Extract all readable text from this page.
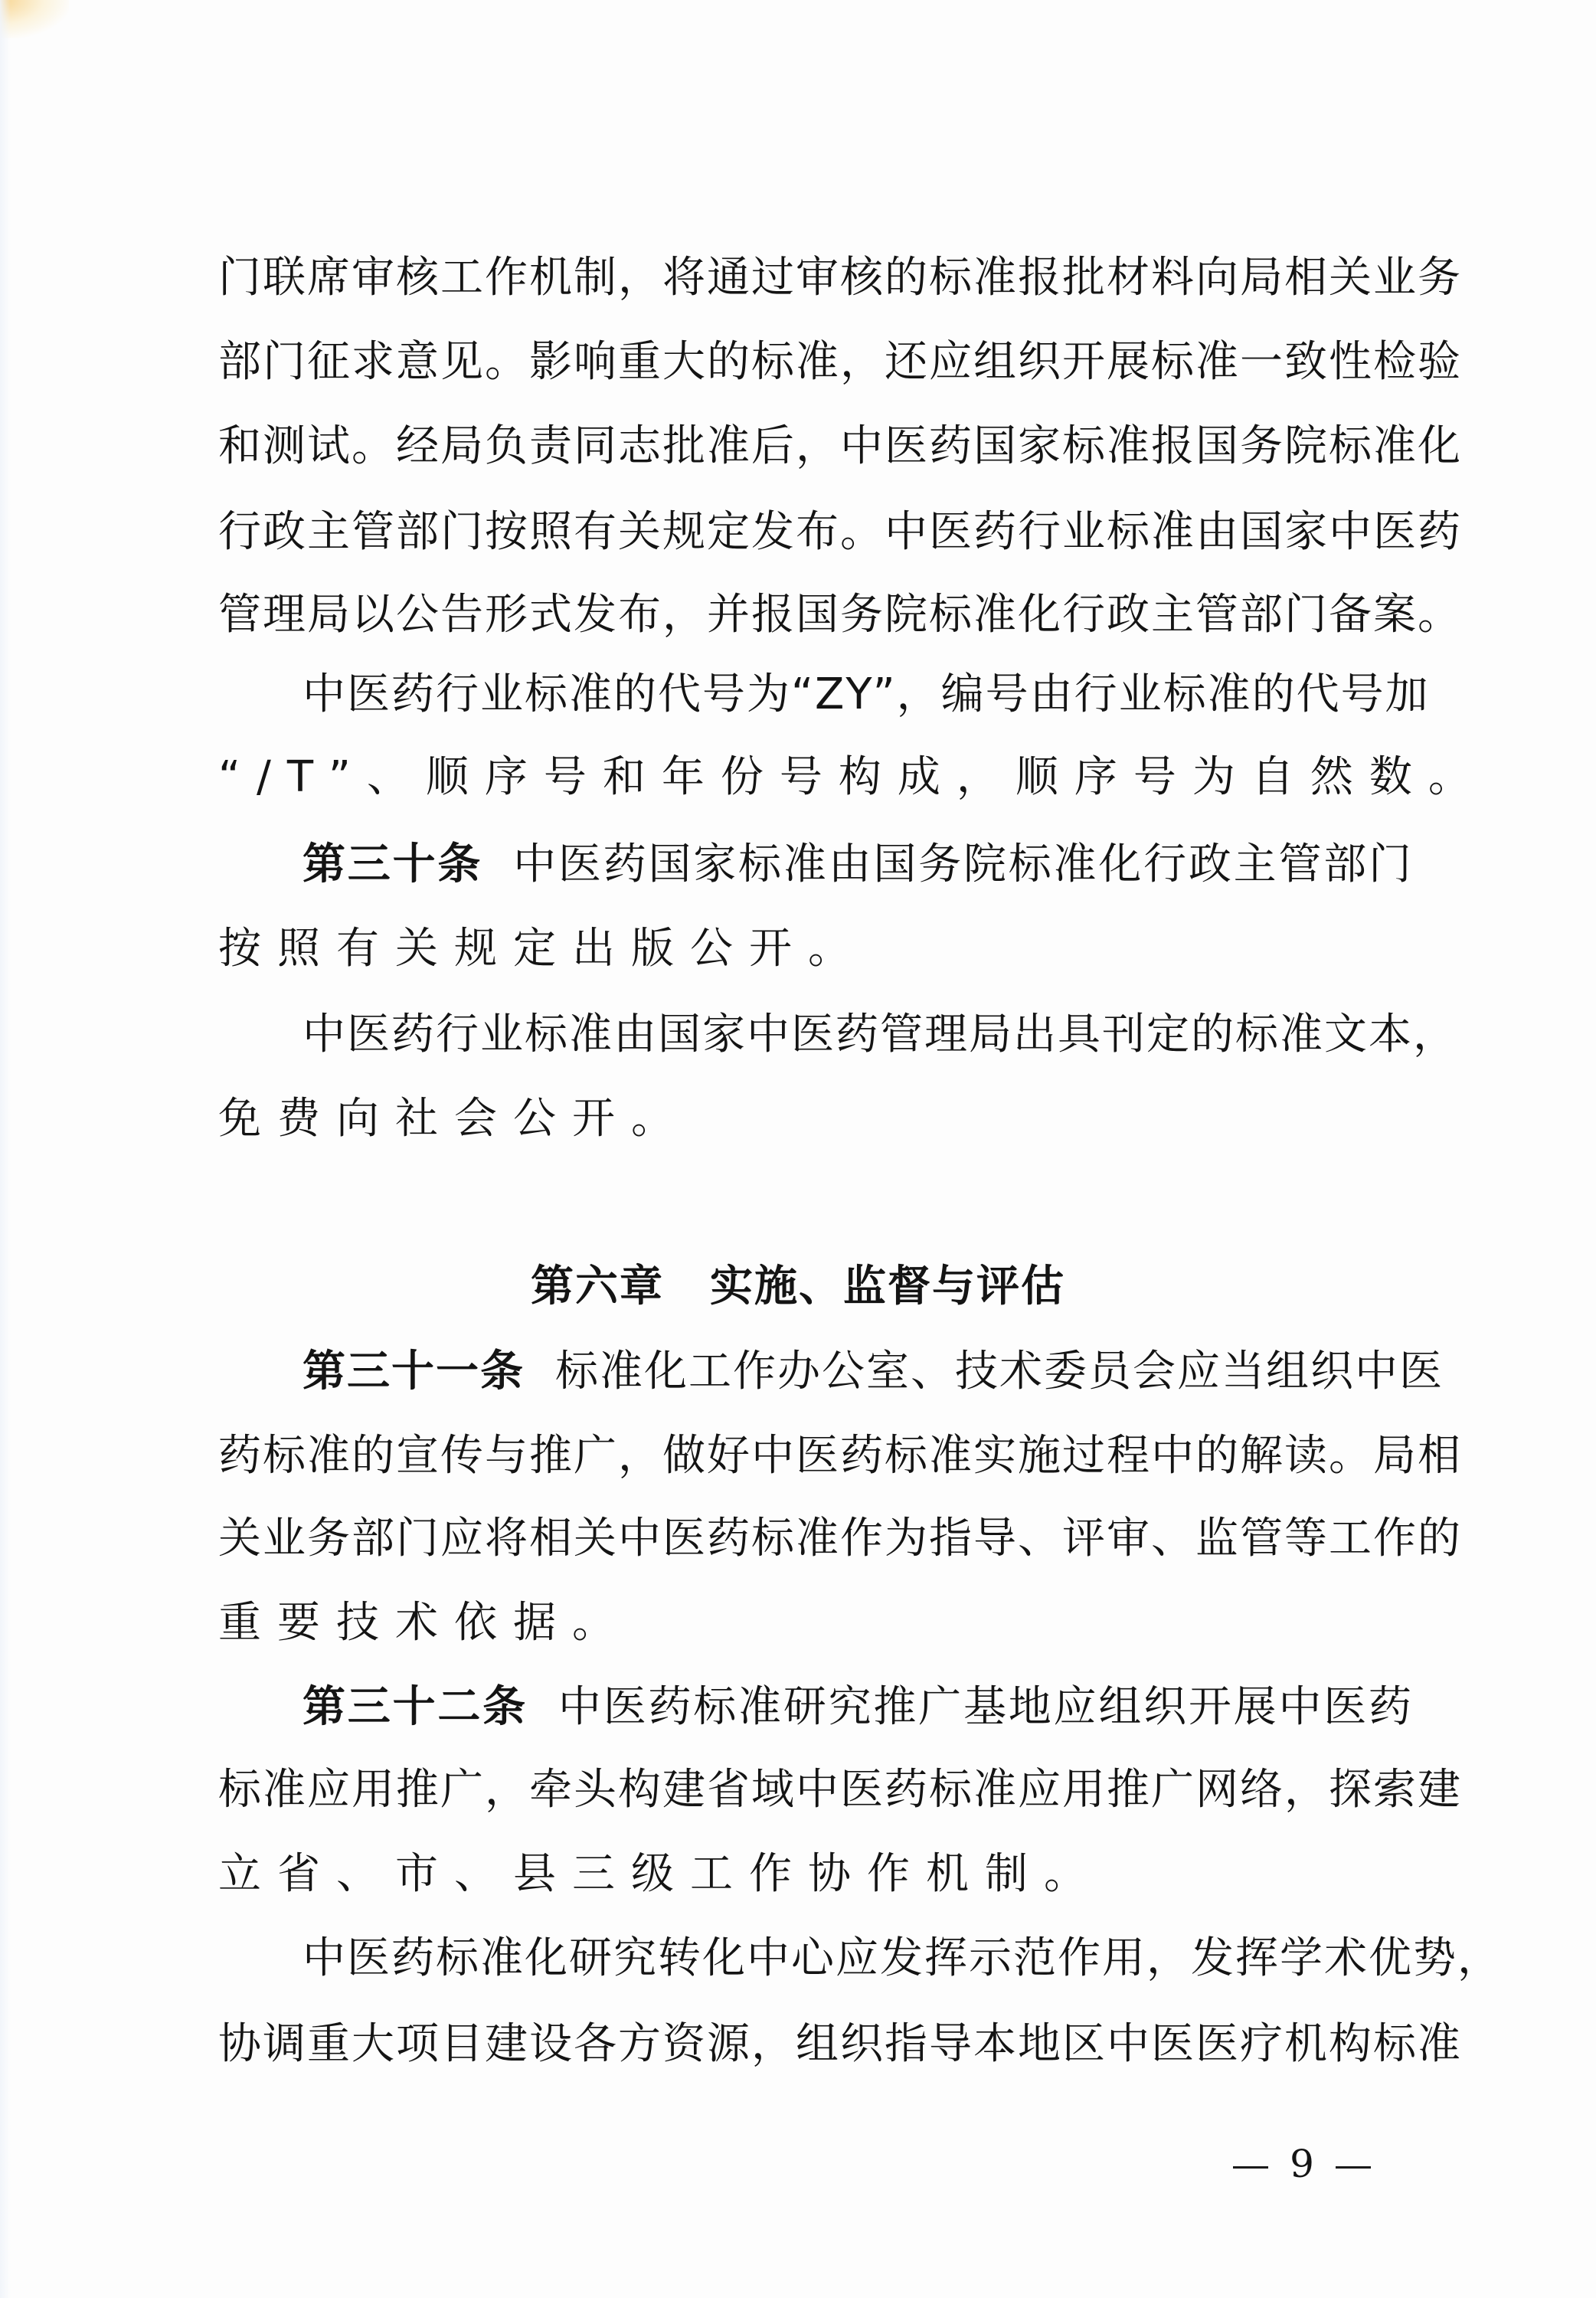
门联席审核工作机制，将通过审核的标准报批材料向局相关业务
部门征求意见。影响重大的标准，还应组织开展标准一致性检验
和测试。经局负责同志批准后，中医药国家标准报国务院标准化
行政主管部门按照有关规定发布。中医药行业标准由国家中医药
管理局以公告形式发布，并报国务院标准化行政主管部门备案。
中医药行业标准的代号为“ZY”，编号由行业标准的代号加
“/T”、顺序号和年份号构成，顺序号为自然数。
第三十条 中医药国家标准由国务院标准化行政主管部门
按照有关规定出版公开。
中医药行业标准由国家中医药管理局出具刊定的标准文本，
免费向社会公开。
第六章 实施、监督与评估
第三十一条 标准化工作办公室、技术委员会应当组织中医
药标准的宣传与推广，做好中医药标准实施过程中的解读。局相
关业务部门应将相关中医药标准作为指导、评审、监管等工作的
重要技术依据。
第三十二条 中医药标准研究推广基地应组织开展中医药
标准应用推广，牵头构建省域中医药标准应用推广网络，探索建
立省、市、县三级工作协作机制。
中医药标准化研究转化中心应发挥示范作用，发挥学术优势，
协调重大项目建设各方资源，组织指导本地区中医医疗机构标准
9
